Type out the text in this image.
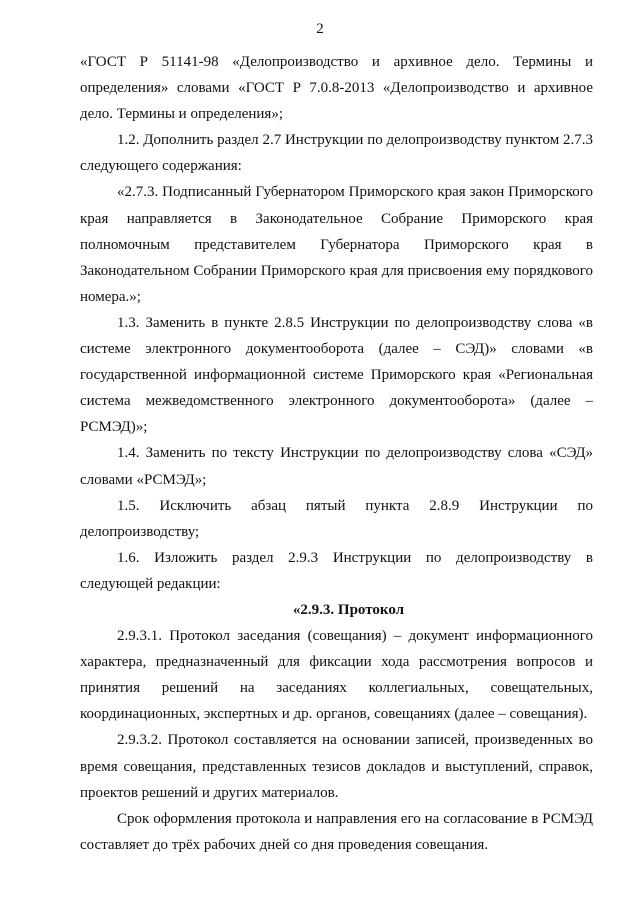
2

«ГОСТ Р 51141-98 «Делопроизводство и архивное дело. Термины и определения» словами «ГОСТ Р 7.0.8-2013 «Делопроизводство и архивное дело. Термины и определения»;

1.2. Дополнить раздел 2.7 Инструкции по делопроизводству пунктом 2.7.3 следующего содержания:

«2.7.3. Подписанный Губернатором Приморского края закон Приморского края направляется в Законодательное Собрание Приморского края полномочным представителем Губернатора Приморского края в Законодательном Собрании Приморского края для присвоения ему порядкового номера.»;

1.3. Заменить в пункте 2.8.5 Инструкции по делопроизводству слова «в системе электронного документооборота (далее – СЭД)» словами «в государственной информационной системе Приморского края «Региональная система межведомственного электронного документооборота» (далее – РСМЭД)»;

1.4. Заменить по тексту Инструкции по делопроизводству слова «СЭД» словами «РСМЭД»;

1.5. Исключить абзац пятый пункта 2.8.9 Инструкции по делопроизводству;

1.6. Изложить раздел 2.9.3 Инструкции по делопроизводству в следующей редакции:

«2.9.3. Протокол

2.9.3.1. Протокол заседания (совещания) – документ информационного характера, предназначенный для фиксации хода рассмотрения вопросов и принятия решений на заседаниях коллегиальных, совещательных, координационных, экспертных и др. органов, совещаниях (далее – совещания).

2.9.3.2. Протокол составляется на основании записей, произведенных во время совещания, представленных тезисов докладов и выступлений, справок, проектов решений и других материалов.

Срок оформления протокола и направления его на согласование в РСМЭД составляет до трёх рабочих дней со дня проведения совещания.
